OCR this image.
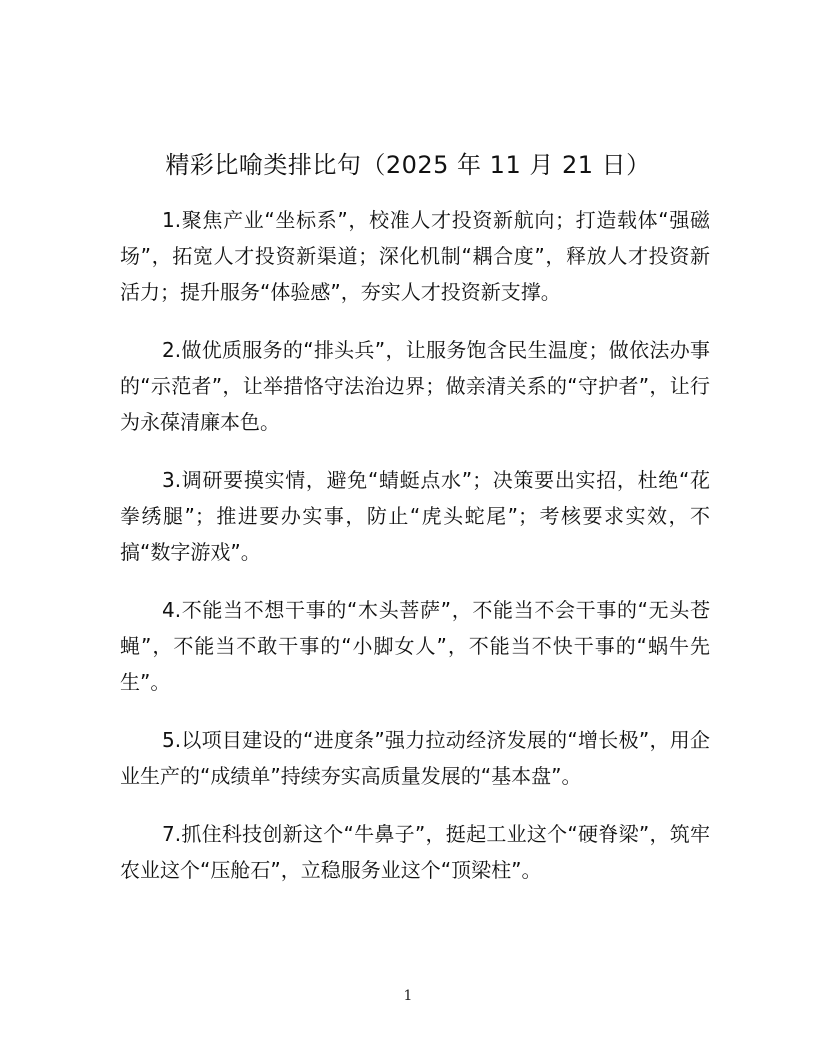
精彩比喻类排比句（2025 年 11 月 21 日）

1.聚焦产业“坐标系”，校准人才投资新航向；打造载体“强磁场”，拓宽人才投资新渠道；深化机制“耦合度”，释放人才投资新活力；提升服务“体验感”，夯实人才投资新支撑。

2.做优质服务的“排头兵”，让服务饱含民生温度；做依法办事的“示范者”，让举措恪守法治边界；做亲清关系的“守护者”，让行为永葆清廉本色。

3.调研要摸实情，避免“蜻蜓点水”；决策要出实招，杜绝“花拳绣腿”；推进要办实事，防止“虎头蛇尾”；考核要求实效，不搞“数字游戏”。

4.不能当不想干事的“木头菩萨”，不能当不会干事的“无头苍蝇”，不能当不敢干事的“小脚女人”，不能当不快干事的“蜗牛先生”。

5.以项目建设的“进度条”强力拉动经济发展的“增长极”，用企业生产的“成绩单”持续夯实高质量发展的“基本盘”。

7.抓住科技创新这个“牛鼻子”，挺起工业这个“硬脊梁”，筑牢农业这个“压舱石”，立稳服务业这个“顶梁柱”。

1
